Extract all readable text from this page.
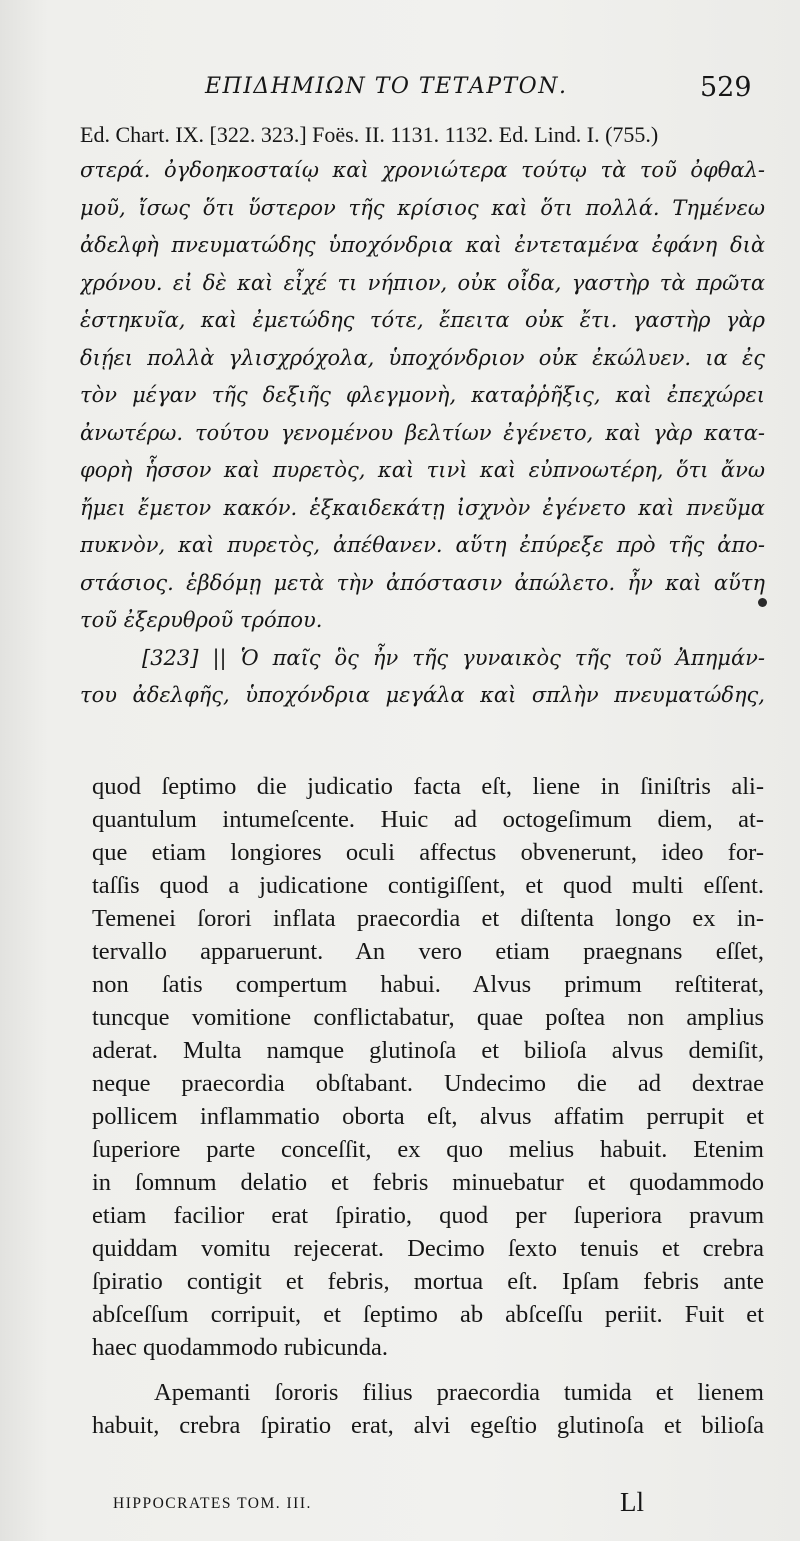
ΕΠΙΔΗΜΙΩΝ ΤΟ ΤΕΤΑΡΤΟΝ.	529
Ed. Chart. IX. [322. 323.] Foës. II. 1131. 1132. Ed. Lind. I. (755.)
στερά. ὀγδοηκοσταίῳ καὶ χρονιώτερα τούτῳ τὰ τοῦ ὀφθαλ-
μοῦ, ἴσως ὅτι ὕστερον τῆς κρίσιος καὶ ὅτι πολλά. Τημένεω
ἀδελφὴ πνευματώδης ὑποχόνδρια καὶ ἐντεταμένα ἐφάνη διὰ
χρόνου. εἰ δὲ καὶ εἶχέ τι νήπιον, οὐκ οἶδα, γαστὴρ τὰ πρῶτα
ἑστηκυῖα, καὶ ἐμετώδης τότε, ἔπειτα οὐκ ἔτι. γαστὴρ γὰρ
διῄει πολλὰ γλισχρόχολα, ὑποχόνδριον οὐκ ἐκώλυεν. ια ἐς
τὸν μέγαν τῆς δεξιῆς φλεγμονὴ, καταῤῥῆξις, καὶ ἐπεχώρει
ἀνωτέρω. τούτου γενομένου βελτίων ἐγένετο, καὶ γὰρ κατα-
φορὴ ἧσσον καὶ πυρετὸς, καὶ τινὶ καὶ εὐπνοωτέρη, ὅτι ἄνω
ἤμει ἔμετον κακόν. ἑξκαιδεκάτῃ ἰσχνὸν ἐγένετο καὶ πνεῦμα
πυκνὸν, καὶ πυρετὸς, ἀπέθανεν. αὕτη ἐπύρεξε πρὸ τῆς ἀπο-
στάσιος. ἑβδόμῃ μετὰ τὴν ἀπόστασιν ἀπώλετο. ἦν καὶ αὕτη
τοῦ ἐξερυθροῦ τρόπου.
[323] || Ὁ παῖς ὃς ἦν τῆς γυναικὸς τῆς τοῦ Ἀπημάν-
του ἀδελφῆς, ὑποχόνδρια μεγάλα καὶ σπλὴν πνευματώδης,
quod ſeptimo die judicatio facta eſt, liene in ſiniſtris ali-
quantulum intumeſcente. Huic ad octogeſimum diem, at-
que etiam longiores oculi affectus obvenerunt, ideo for-
taſſis quod a judicatione contigiſſent, et quod multi eſſent.
Temenei ſorori inflata praecordia et diſtenta longo ex in-
tervallo apparuerunt. An vero etiam praegnans eſſet,
non ſatis compertum habui. Alvus primum reſtiterat,
tuncque vomitione conflictabatur, quae poſtea non amplius
aderat. Multa namque glutinoſa et bilioſa alvus demiſit,
neque praecordia obſtabant. Undecimo die ad dextrae
pollicem inflammatio oborta eſt, alvus affatim perrupit et
ſuperiore parte conceſſit, ex quo melius habuit. Etenim
in ſomnum delatio et febris minuebatur et quodammodo
etiam facilior erat ſpiratio, quod per ſuperiora pravum
quiddam vomitu rejecerat. Decimo ſexto tenuis et crebra
ſpiratio contigit et febris, mortua eſt. Ipſam febris ante
abſceſſum corripuit, et ſeptimo ab abſceſſu periit. Fuit et
haec quodammodo rubicunda.
Apemanti ſororis filius praecordia tumida et lienem
habuit, crebra ſpiratio erat, alvi egeſtio glutinoſa et bilioſa
HIPPOCRATES TOM. III.	Ll
